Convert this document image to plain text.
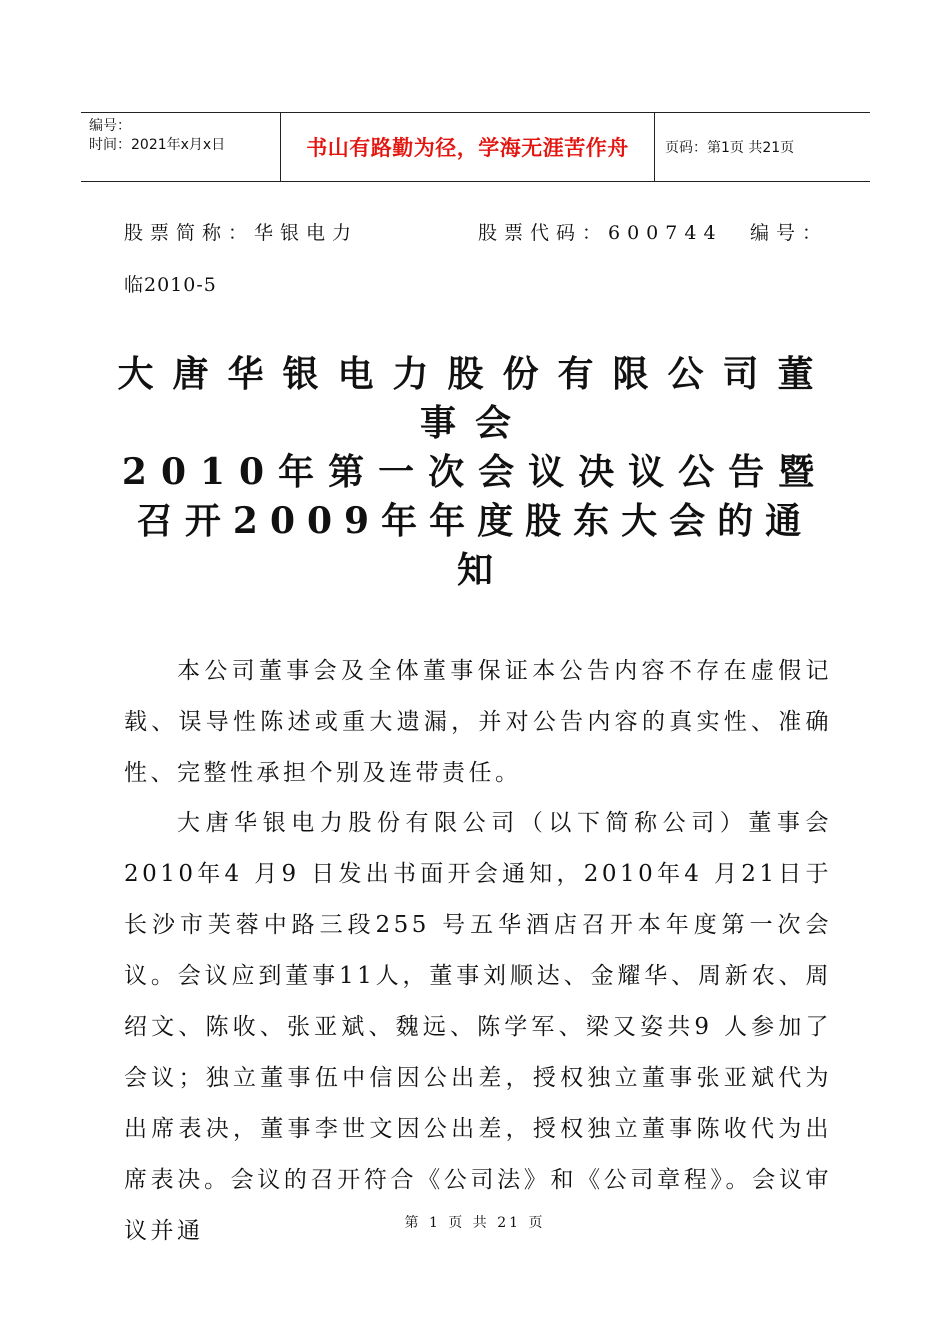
编号：
时间：2021年x月x日	书山有路勤为径，学海无涯苦作舟	页码：第1页 共21页
股票简称：华银电力	股票代码：600744 编号：
临2010-5
大唐华银电力股份有限公司董
事会
2010年第一次会议决议公告暨
召开2009年年度股东大会的通
知
本公司董事会及全体董事保证本公告内容不存在虚假记载、误导性陈述或重大遗漏，并对公告内容的真实性、准确性、完整性承担个别及连带责任。
大唐华银电力股份有限公司（以下简称公司）董事会2010年4 月9 日发出书面开会通知，2010年4 月21日于长沙市芙蓉中路三段255 号五华酒店召开本年度第一次会议。会议应到董事11人，董事刘顺达、金耀华、周新农、周绍文、陈收、张亚斌、魏远、陈学军、梁又姿共9 人参加了会议；独立董事伍中信因公出差，授权独立董事张亚斌代为出席表决，董事李世文因公出差，授权独立董事陈收代为出席表决。会议的召开符合《公司法》和《公司章程》。会议审议并通	第 1 页 共 21 页
